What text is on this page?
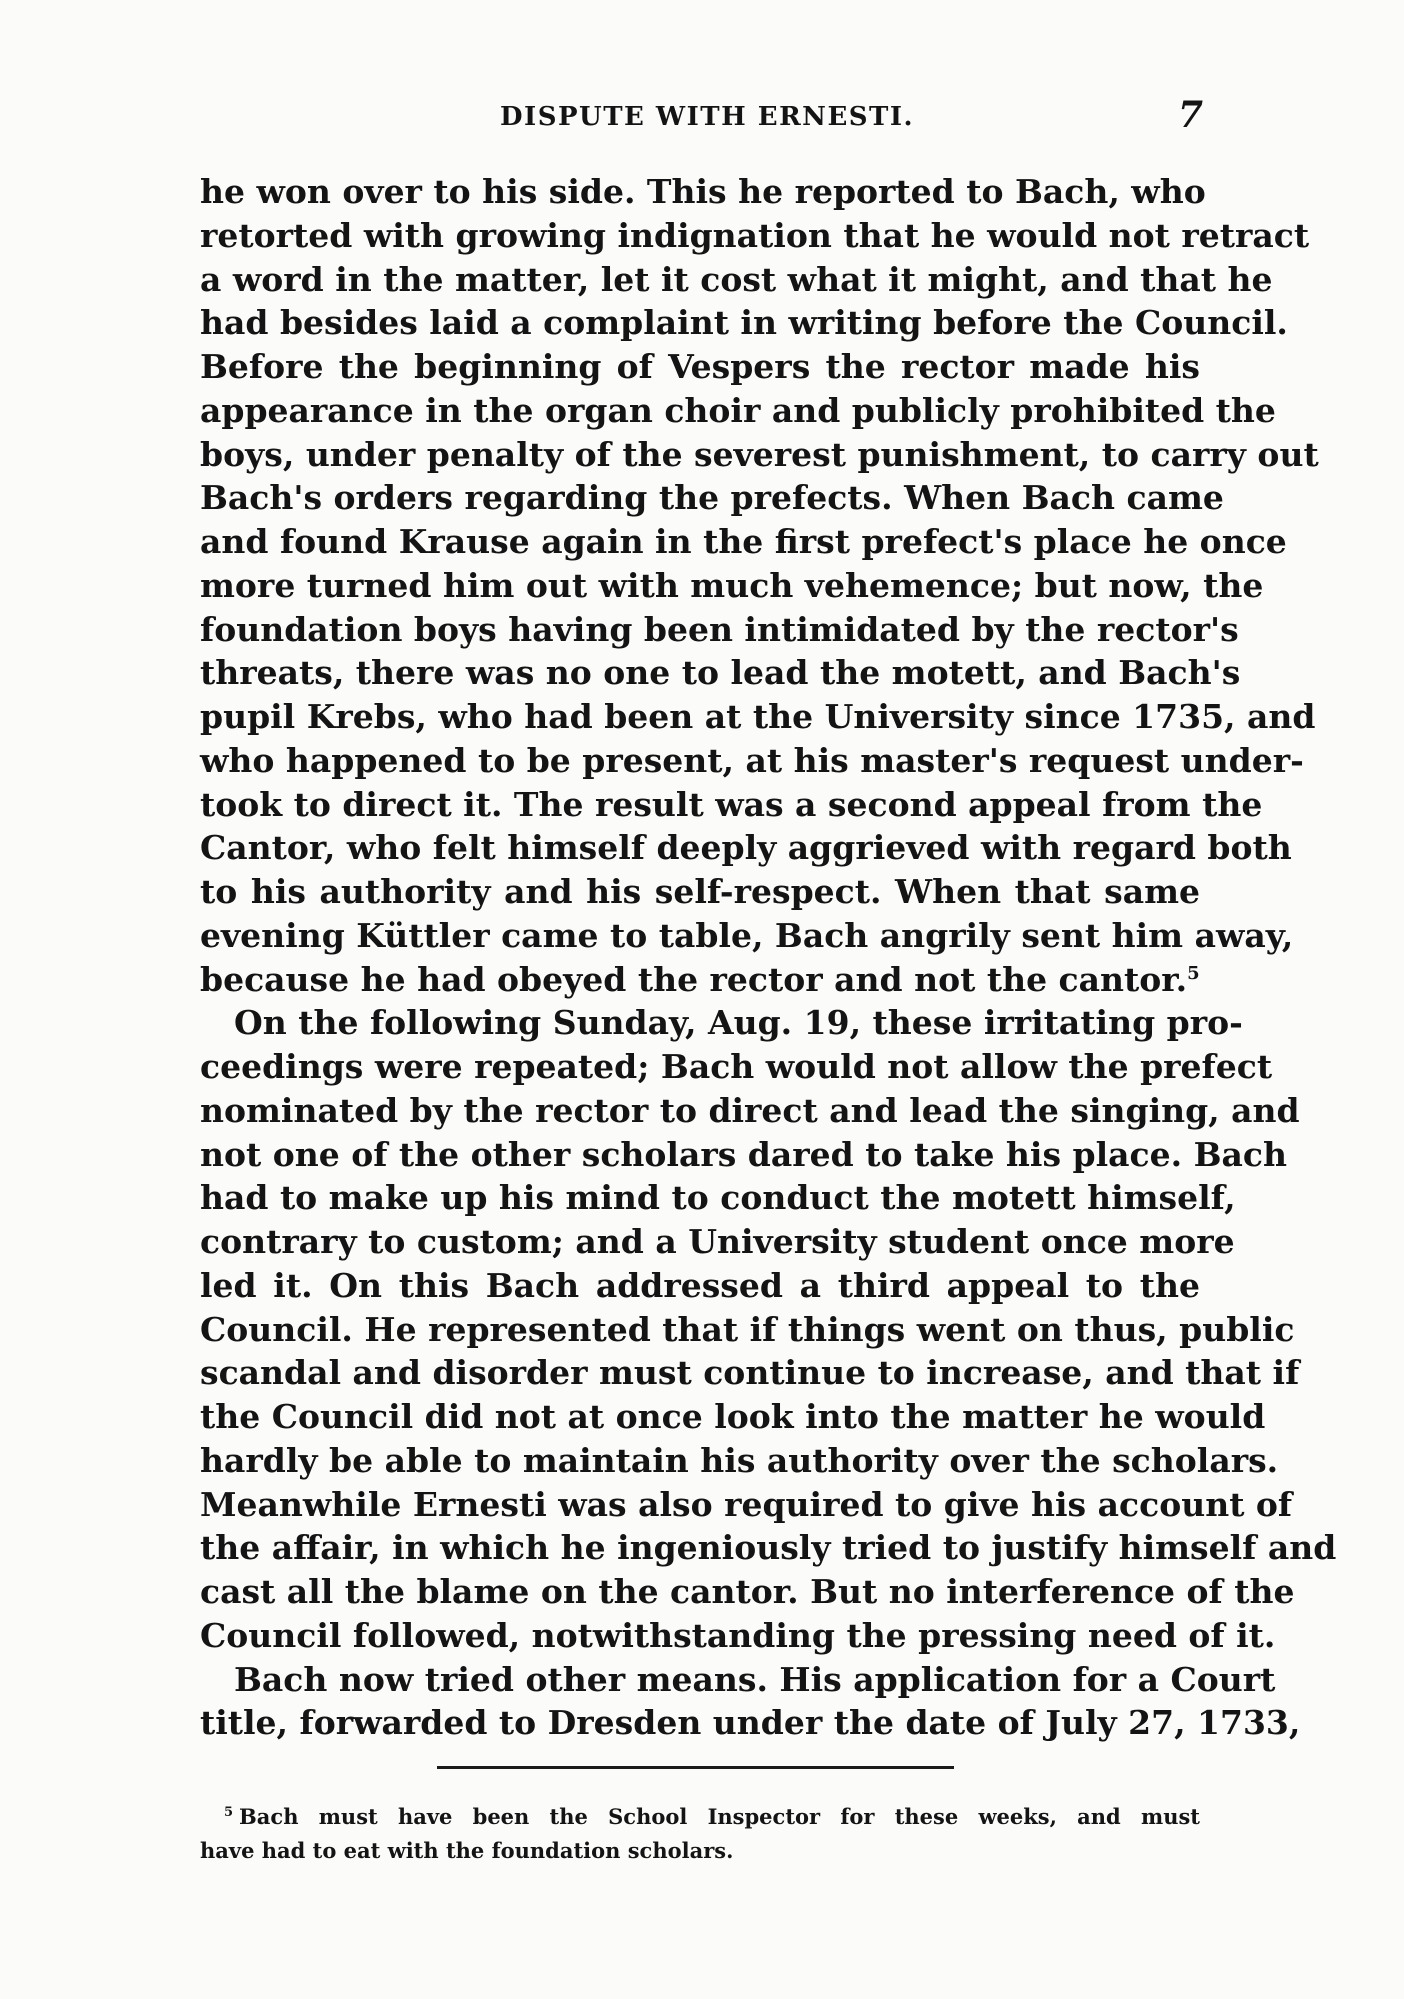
DISPUTE WITH ERNESTI.	7
he won over to his side. This he reported to Bach, who
retorted with growing indignation that he would not retract
a word in the matter, let it cost what it might, and that he
had besides laid a complaint in writing before the Council.
Before the beginning of Vespers the rector made his
appearance in the organ choir and publicly prohibited the
boys, under penalty of the severest punishment, to carry out
Bach's orders regarding the prefects. When Bach came
and found Krause again in the first prefect's place he once
more turned him out with much vehemence; but now, the
foundation boys having been intimidated by the rector's
threats, there was no one to lead the motett, and Bach's
pupil Krebs, who had been at the University since 1735, and
who happened to be present, at his master's request under-
took to direct it. The result was a second appeal from the
Cantor, who felt himself deeply aggrieved with regard both
to his authority and his self-respect. When that same
evening Küttler came to table, Bach angrily sent him away,
because he had obeyed the rector and not the cantor.$^5$
On the following Sunday, Aug. 19, these irritating pro-
ceedings were repeated; Bach would not allow the prefect
nominated by the rector to direct and lead the singing, and
not one of the other scholars dared to take his place. Bach
had to make up his mind to conduct the motett himself,
contrary to custom; and a University student once more
led it. On this Bach addressed a third appeal to the
Council. He represented that if things went on thus, public
scandal and disorder must continue to increase, and that if
the Council did not at once look into the matter he would
hardly be able to maintain his authority over the scholars.
Meanwhile Ernesti was also required to give his account of
the affair, in which he ingeniously tried to justify himself and
cast all the blame on the cantor. But no interference of the
Council followed, notwithstanding the pressing need of it.
Bach now tried other means. His application for a Court
title, forwarded to Dresden under the date of July 27, 1733,
$^5$ Bach must have been the School Inspector for these weeks, and must
have had to eat with the foundation scholars.
